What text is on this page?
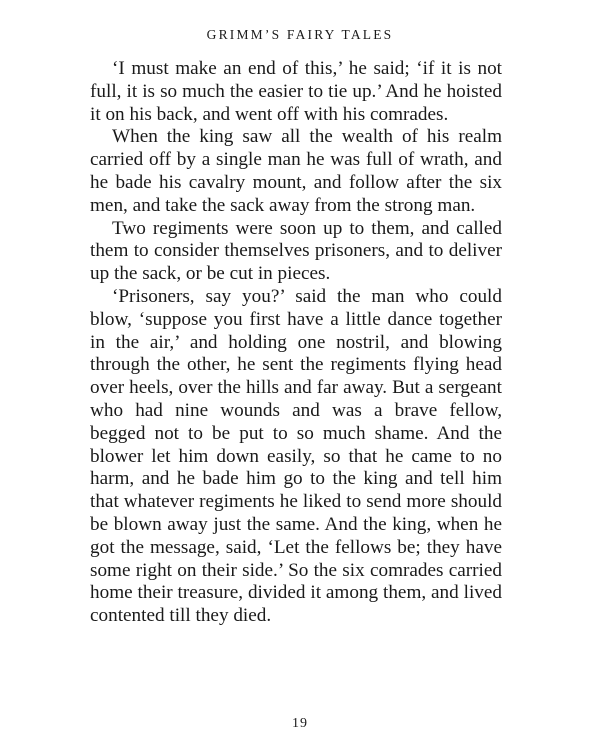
GRIMM’S FAIRY TALES

‘I must make an end of this,’ he said; ‘if it is not full, it is so much the easier to tie up.’ And he hoisted it on his back, and went off with his comrades.

When the king saw all the wealth of his realm carried off by a single man he was full of wrath, and he bade his cavalry mount, and follow after the six men, and take the sack away from the strong man.

Two regiments were soon up to them, and called them to consider themselves prisoners, and to deliver up the sack, or be cut in pieces.

‘Prisoners, say you?’ said the man who could blow, ‘suppose you first have a little dance together in the air,’ and holding one nostril, and blowing through the other, he sent the regiments flying head over heels, over the hills and far away. But a sergeant who had nine wounds and was a brave fellow, begged not to be put to so much shame. And the blower let him down easily, so that he came to no harm, and he bade him go to the king and tell him that whatever regiments he liked to send more should be blown away just the same. And the king, when he got the message, said, ‘Let the fellows be; they have some right on their side.’ So the six comrades carried home their treasure, divided it among them, and lived contented till they died.

19
